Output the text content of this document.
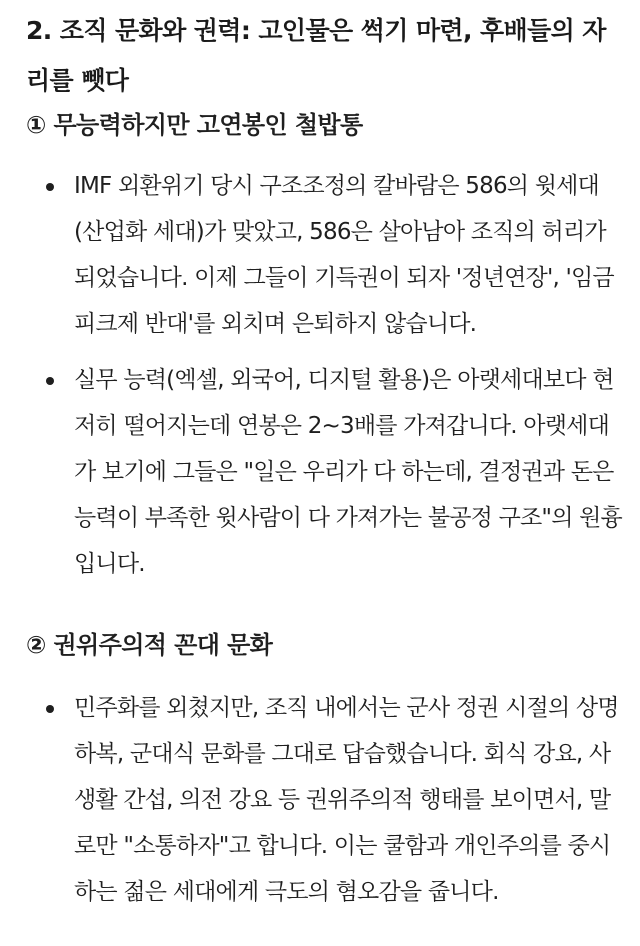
2. 조직 문화와 권력: 고인물은 썩기 마련, 후배들의 자리를 뺏다
① 무능력하지만 고연봉인 철밥통
IMF 외환위기 당시 구조조정의 칼바람은 586의 윗세대(산업화 세대)가 맞았고, 586은 살아남아 조직의 허리가 되었습니다. 이제 그들이 기득권이 되자 '정년연장', '임금 피크제 반대'를 외치며 은퇴하지 않습니다.
실무 능력(엑셀, 외국어, 디지털 활용)은 아랫세대보다 현저히 떨어지는데 연봉은 2~3배를 가져갑니다. 아랫세대가 보기에 그들은 "일은 우리가 다 하는데, 결정권과 돈은 능력이 부족한 윗사람이 다 가져가는 불공정 구조"의 원흉입니다.
② 권위주의적 꼰대 문화
민주화를 외쳤지만, 조직 내에서는 군사 정권 시절의 상명하복, 군대식 문화를 그대로 답습했습니다. 회식 강요, 사생활 간섭, 의전 강요 등 권위주의적 행태를 보이면서, 말로만 "소통하자"고 합니다. 이는 쿨함과 개인주의를 중시하는 젊은 세대에게 극도의 혐오감을 줍니다.
